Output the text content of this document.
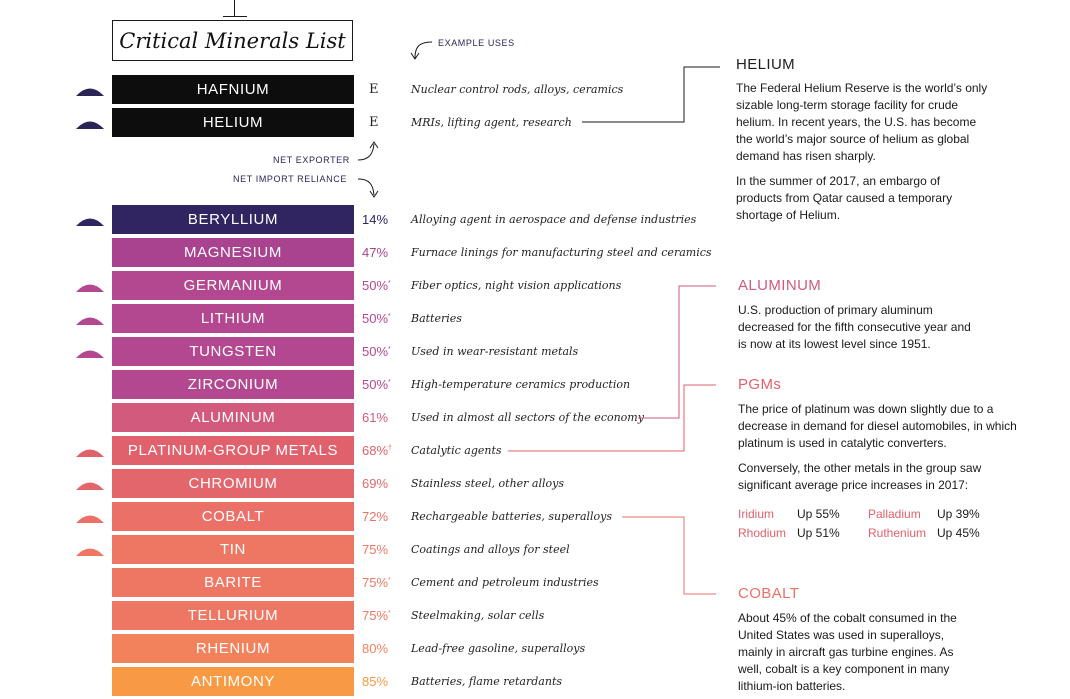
Critical Minerals List	EXAMPLE USES
NET EXPORTER
NET IMPORT RELIANCE
HAFNIUM	E	Nuclear control rods, alloys, ceramics
HELIUM	E	MRIs, lifting agent, research
BERYLLIUM	14% Alloying agent in aerospace and defense industries
MAGNESIUM	47% Furnace linings for manufacturing steel and ceramics
GERMANIUM	50%* Fiber optics, night vision applications
LITHIUM	50%* Batteries
TUNGSTEN	50%* Used in wear-resistant metals
ZIRCONIUM	50%* High-temperature ceramics production
ALUMINUM	61% Used in almost all sectors of the economy
PLATINUM-GROUP METALS	68%† Catalytic agents
CHROMIUM	69% Stainless steel, other alloys
COBALT	72% Rechargeable batteries, superalloys
TIN	75% Coatings and alloys for steel
BARITE	75%* Cement and petroleum industries
TELLURIUM	75%* Steelmaking, solar cells
RHENIUM	80% Lead-free gasoline, superalloys
ANTIMONY	85% Batteries, flame retardants
HELIUM

The Federal Helium Reserve is the world’s only sizable long-term storage facility for crude helium. In recent years, the U.S. has become the world’s major source of helium as global demand has risen sharply.

In the summer of 2017, an embargo of products from Qatar caused a temporary shortage of Helium.

ALUMINUM

U.S. production of primary aluminum decreased for the fifth consecutive year and is now at its lowest level since 1951.

PGMs

The price of platinum was down slightly due to a decrease in demand for diesel automobiles, in which platinum is used in catalytic converters.

Conversely, the other metals in the group saw significant average price increases in 2017:

Iridium	Up 55%	Palladium	Up 39%
Rhodium Up 51%	Ruthenium Up 45%
COBALT

About 45% of the cobalt consumed in the United States was used in superalloys, mainly in aircraft gas turbine engines. As well, cobalt is a key component in many lithium-ion batteries.
